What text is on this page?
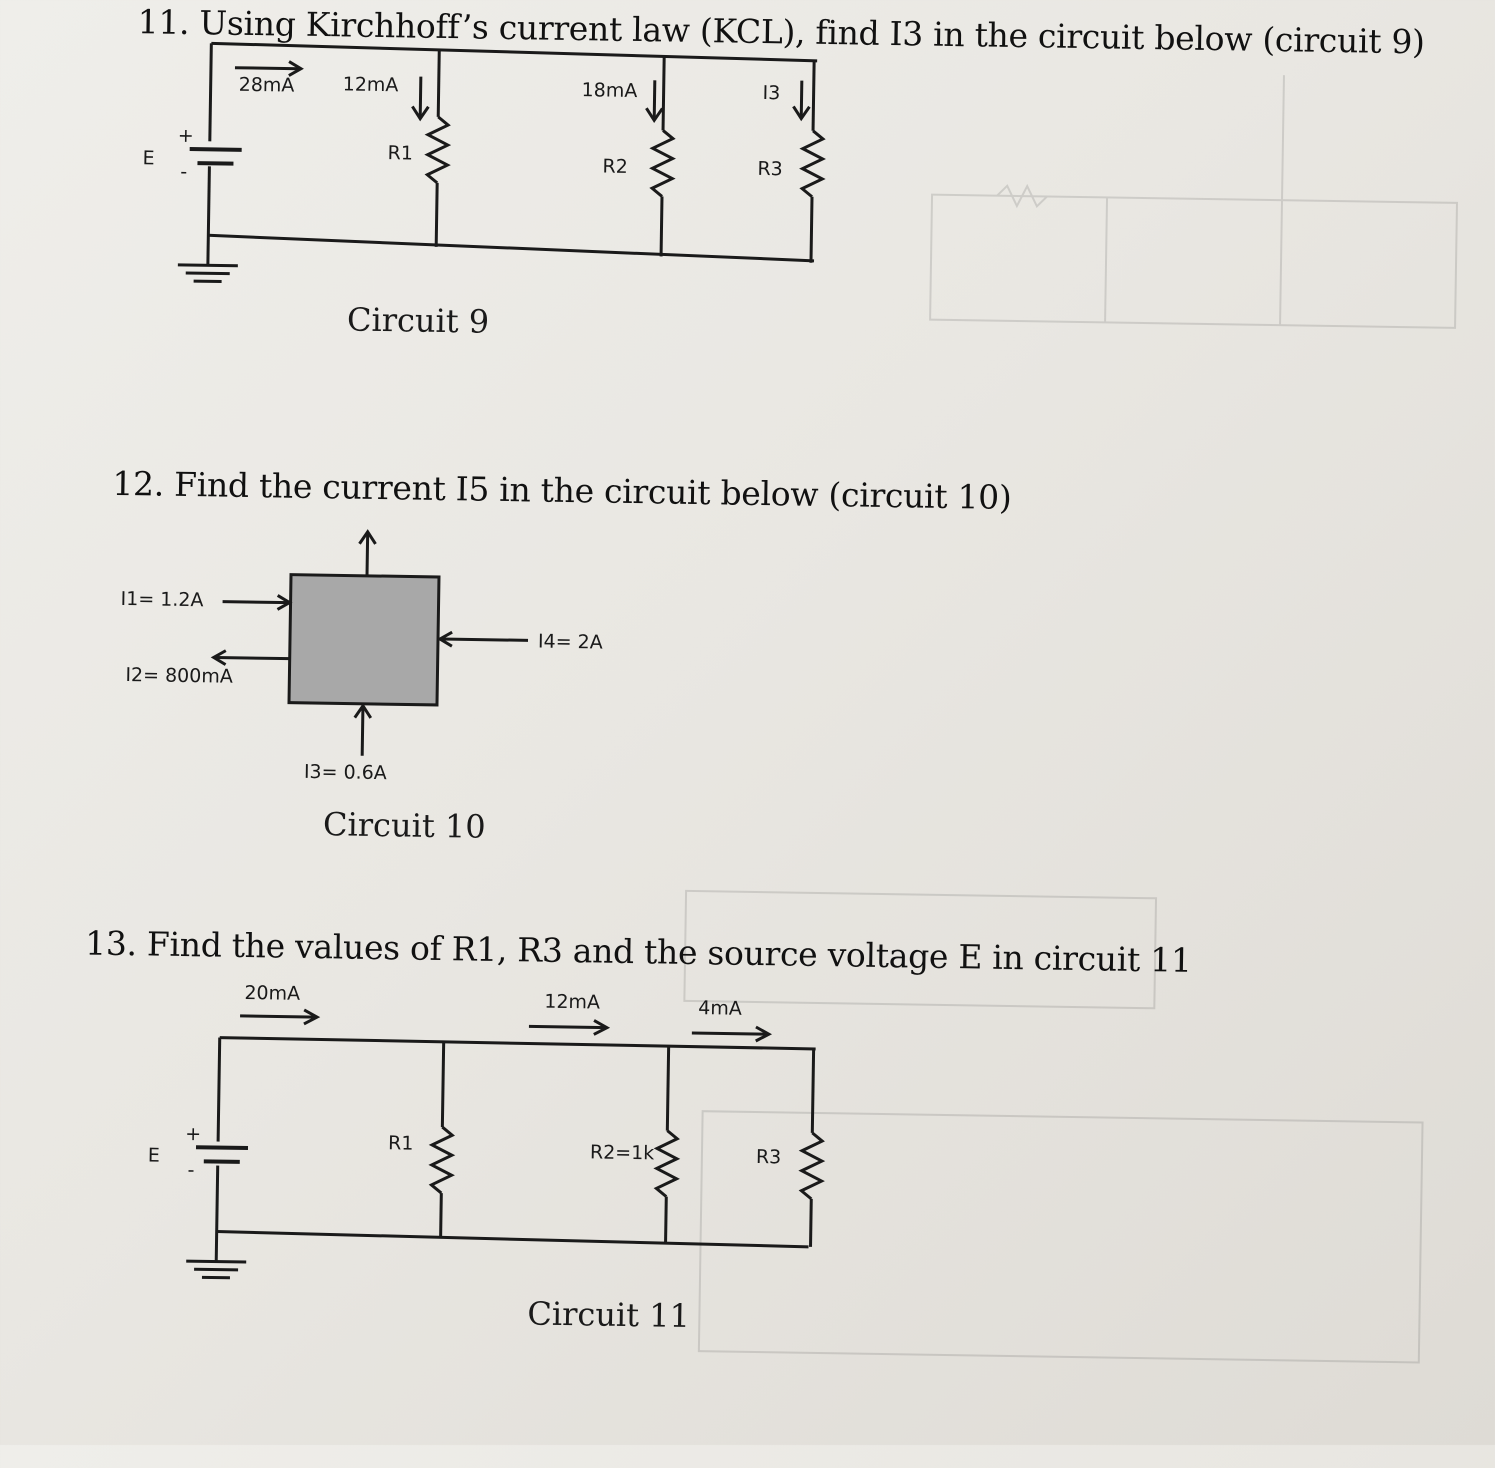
11. Using Kirchhoff’s current law (KCL), find I3 in the circuit below (circuit 9)
28mA	12mA	18mA	I3
R1
R2	R3
E
+
-
Circuit 9
12. Find the current I5 in the circuit below (circuit 10)
I1= 1.2A
I2= 800mA
I3= 0.6A
I4= 2A
Circuit 10
13. Find the values of R1, R3 and the source voltage E in circuit 11
20mA	12mA	4mA
R1	R2=1k	R3
E
+
-
Circuit 11
